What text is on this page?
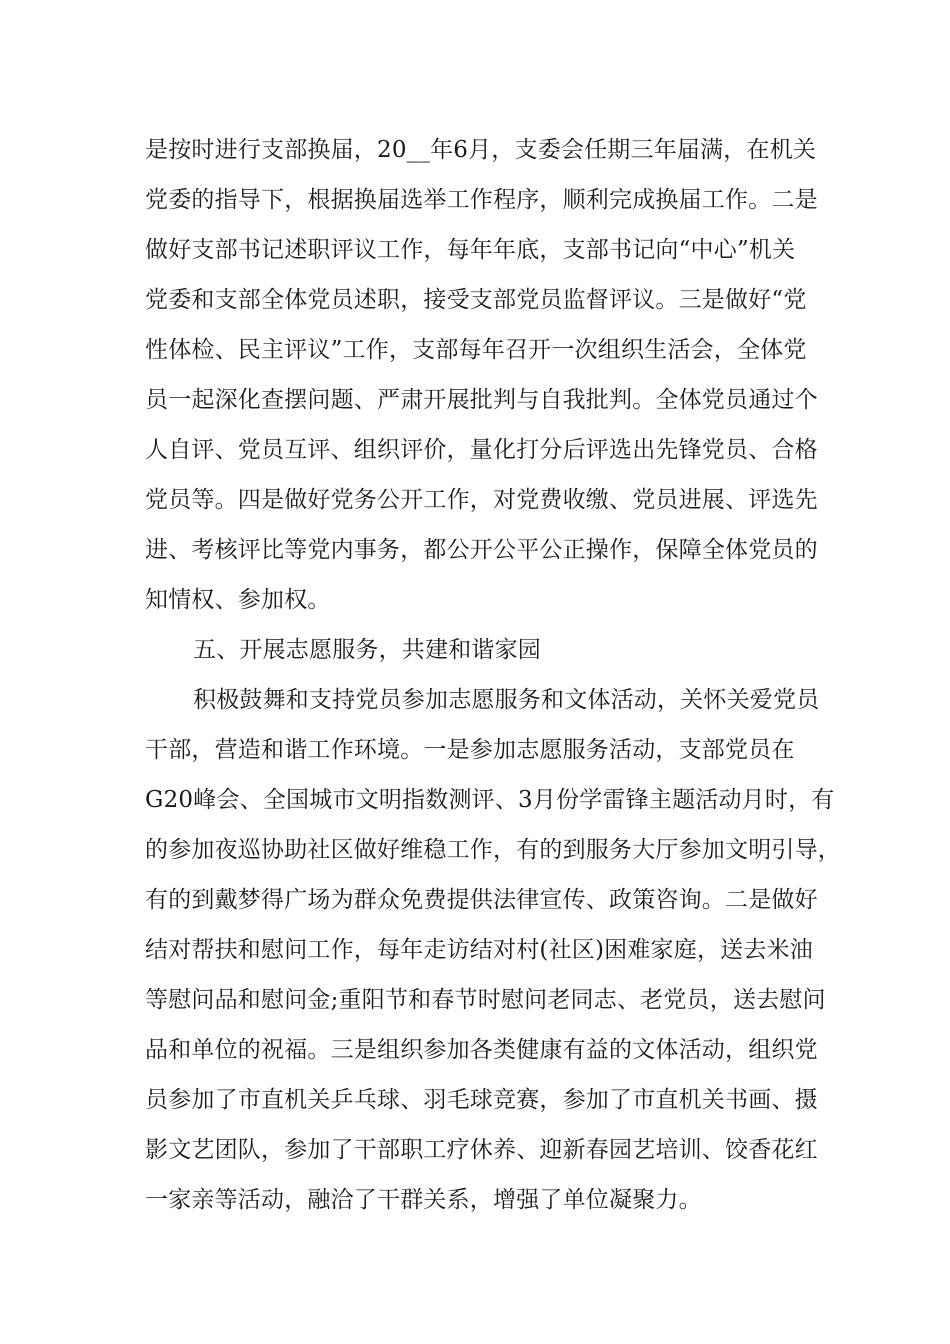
是按时进行支部换届，20__年6月，支委会任期三年届满，在机关
党委的指导下，根据换届选举工作程序，顺利完成换届工作。二是
做好支部书记述职评议工作，每年年底，支部书记向“中心”机关
党委和支部全体党员述职，接受支部党员监督评议。三是做好“党
性体检、民主评议”工作，支部每年召开一次组织生活会，全体党
员一起深化查摆问题、严肃开展批判与自我批判。全体党员通过个
人自评、党员互评、组织评价，量化打分后评选出先锋党员、合格
党员等。四是做好党务公开工作，对党费收缴、党员进展、评选先
进、考核评比等党内事务，都公开公平公正操作，保障全体党员的
知情权、参加权。
五、开展志愿服务，共建和谐家园
积极鼓舞和支持党员参加志愿服务和文体活动，关怀关爱党员
干部，营造和谐工作环境。一是参加志愿服务活动，支部党员在
G20峰会、全国城市文明指数测评、3月份学雷锋主题活动月时，有
的参加夜巡协助社区做好维稳工作，有的到服务大厅参加文明引导，
有的到戴梦得广场为群众免费提供法律宣传、政策咨询。二是做好
结对帮扶和慰问工作，每年走访结对村(社区)困难家庭，送去米油
等慰问品和慰问金;重阳节和春节时慰问老同志、老党员，送去慰问
品和单位的祝福。三是组织参加各类健康有益的文体活动，组织党
员参加了市直机关乒乓球、羽毛球竞赛，参加了市直机关书画、摄
影文艺团队，参加了干部职工疗休养、迎新春园艺培训、饺香花红
一家亲等活动，融洽了干群关系，增强了单位凝聚力。
